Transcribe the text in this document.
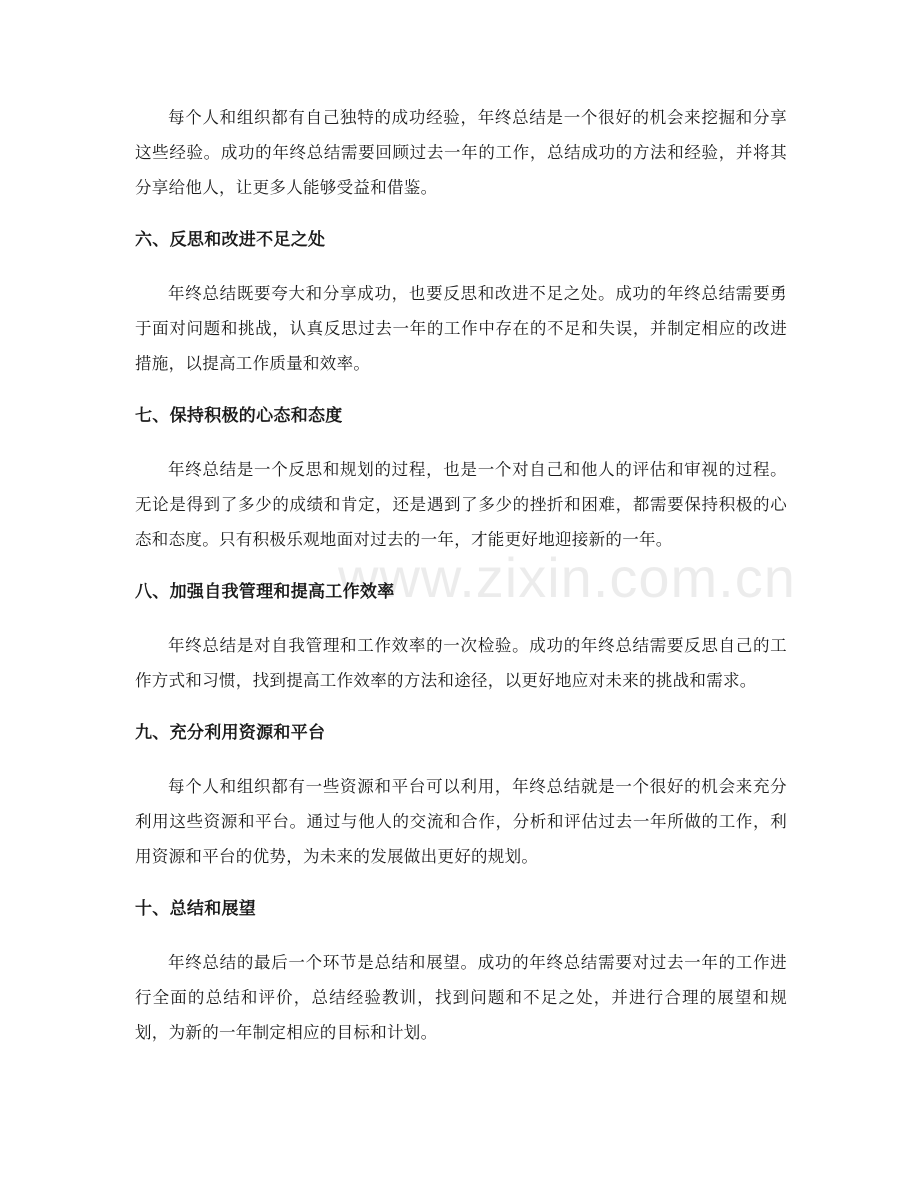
每个人和组织都有自己独特的成功经验，年终总结是一个很好的机会来挖掘和分享这些经验。成功的年终总结需要回顾过去一年的工作，总结成功的方法和经验，并将其分享给他人，让更多人能够受益和借鉴。

六、反思和改进不足之处

年终总结既要夸大和分享成功，也要反思和改进不足之处。成功的年终总结需要勇于面对问题和挑战，认真反思过去一年的工作中存在的不足和失误，并制定相应的改进措施，以提高工作质量和效率。

七、保持积极的心态和态度

年终总结是一个反思和规划的过程，也是一个对自己和他人的评估和审视的过程。无论是得到了多少的成绩和肯定，还是遇到了多少的挫折和困难，都需要保持积极的心态和态度。只有积极乐观地面对过去的一年，才能更好地迎接新的一年。

八、加强自我管理和提高工作效率

年终总结是对自我管理和工作效率的一次检验。成功的年终总结需要反思自己的工作方式和习惯，找到提高工作效率的方法和途径，以更好地应对未来的挑战和需求。

九、充分利用资源和平台

每个人和组织都有一些资源和平台可以利用，年终总结就是一个很好的机会来充分利用这些资源和平台。通过与他人的交流和合作，分析和评估过去一年所做的工作，利用资源和平台的优势，为未来的发展做出更好的规划。

十、总结和展望

年终总结的最后一个环节是总结和展望。成功的年终总结需要对过去一年的工作进行全面的总结和评价，总结经验教训，找到问题和不足之处，并进行合理的展望和规划，为新的一年制定相应的目标和计划。

www.zixin.com.cn
